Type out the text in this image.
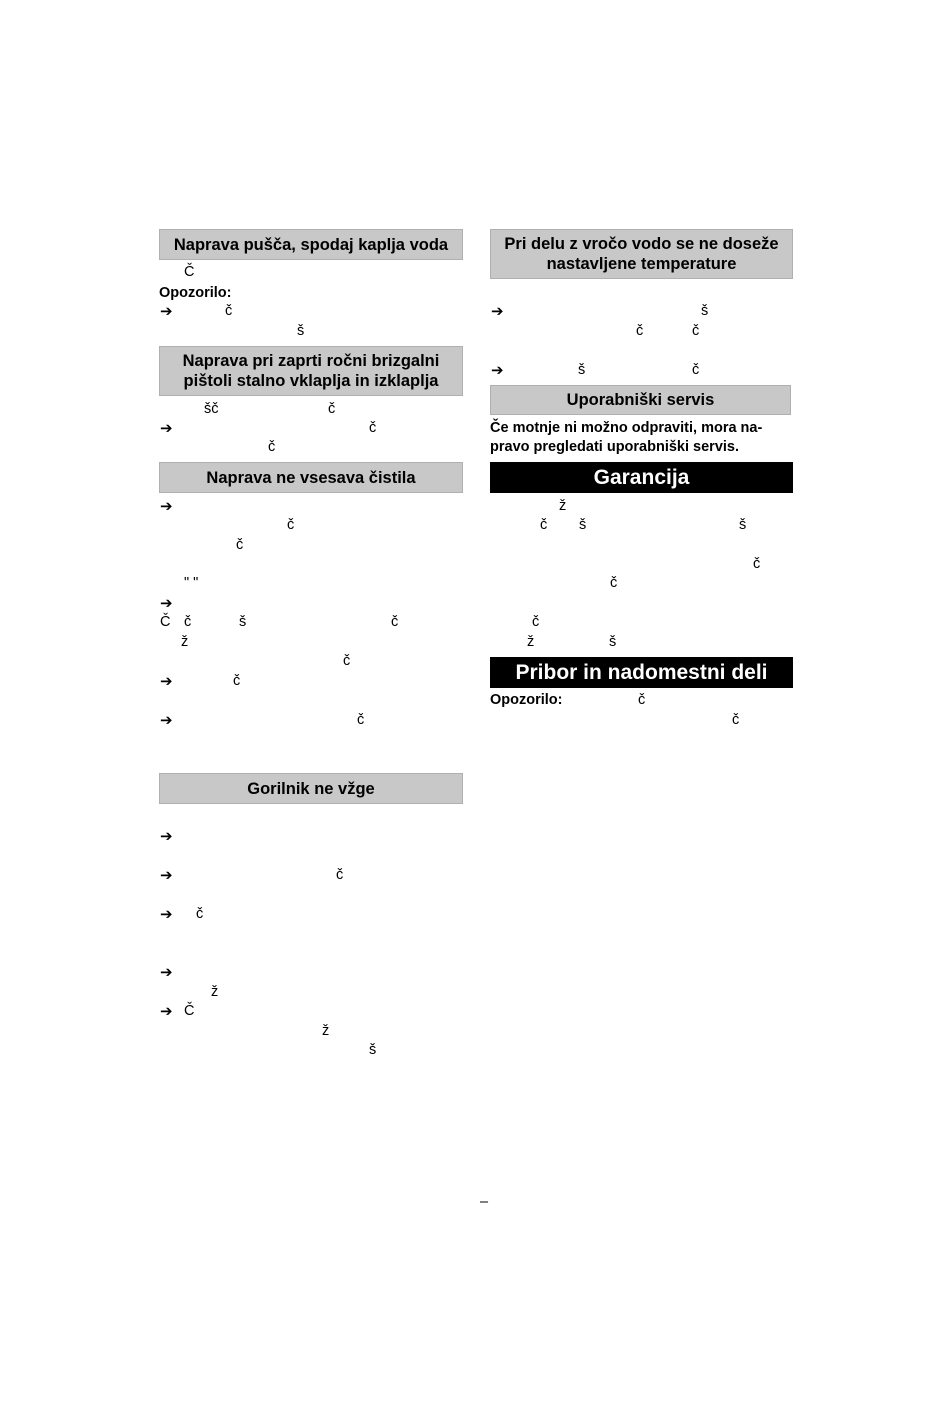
Naprava pušča, spodaj kaplja voda
Č
Opozorilo:
➔	č
š
Naprava pri zaprti ročni brizgalni pištoli stalno vklaplja in izklaplja
šč	č
➔	č
č
Naprava ne vsesava čistila
➔
č
č
" "
➔
Č č	š	č
ž
č
➔	č
➔	č
Gorilnik ne vžge
➔
➔	č
➔ č
➔
ž
➔ Č
ž
š
Pri delu z vročo vodo se ne doseže nastavljene temperature
➔	š
č	č
➔	š	č
Uporabniški servis
Če motnje ni možno odpraviti, mora na-pravo pregledati uporabniški servis.
Garancija
ž
č š	š
č
č
č
ž	š
Pribor in nadomestni deli
Opozorilo:	č
č
–
